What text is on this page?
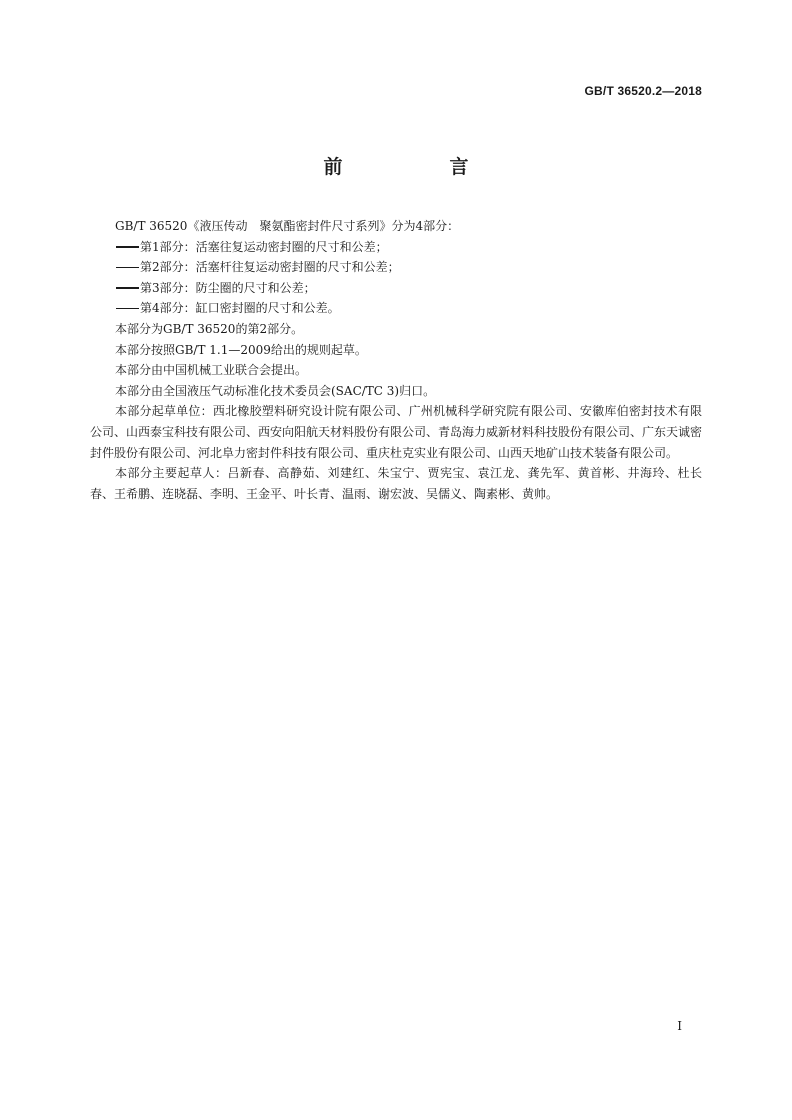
GB/T 36520.2—2018
前　言

GB/T 36520《液压传动　聚氨酯密封件尺寸系列》分为4部分：

第1部分：活塞往复运动密封圈的尺寸和公差；

第2部分：活塞杆往复运动密封圈的尺寸和公差；

第3部分：防尘圈的尺寸和公差；

第4部分：缸口密封圈的尺寸和公差。

本部分为GB/T 36520的第2部分。

本部分按照GB/T 1.1—2009给出的规则起草。

本部分由中国机械工业联合会提出。

本部分由全国液压气动标准化技术委员会(SAC/TC 3)归口。

本部分起草单位：西北橡胶塑料研究设计院有限公司、广州机械科学研究院有限公司、安徽库伯密封技术有限公司、山西泰宝科技有限公司、西安向阳航天材料股份有限公司、青岛海力威新材料科技股份有限公司、广东天诚密封件股份有限公司、河北阜力密封件科技有限公司、重庆杜克实业有限公司、山西天地矿山技术装备有限公司。

本部分主要起草人：吕新春、高静茹、刘建红、朱宝宁、贾宪宝、袁江龙、龚先军、黄首彬、井海玲、杜长春、王希鹏、连晓磊、李明、王金平、叶长青、温雨、谢宏波、吴儒义、陶素彬、黄帅。

I
